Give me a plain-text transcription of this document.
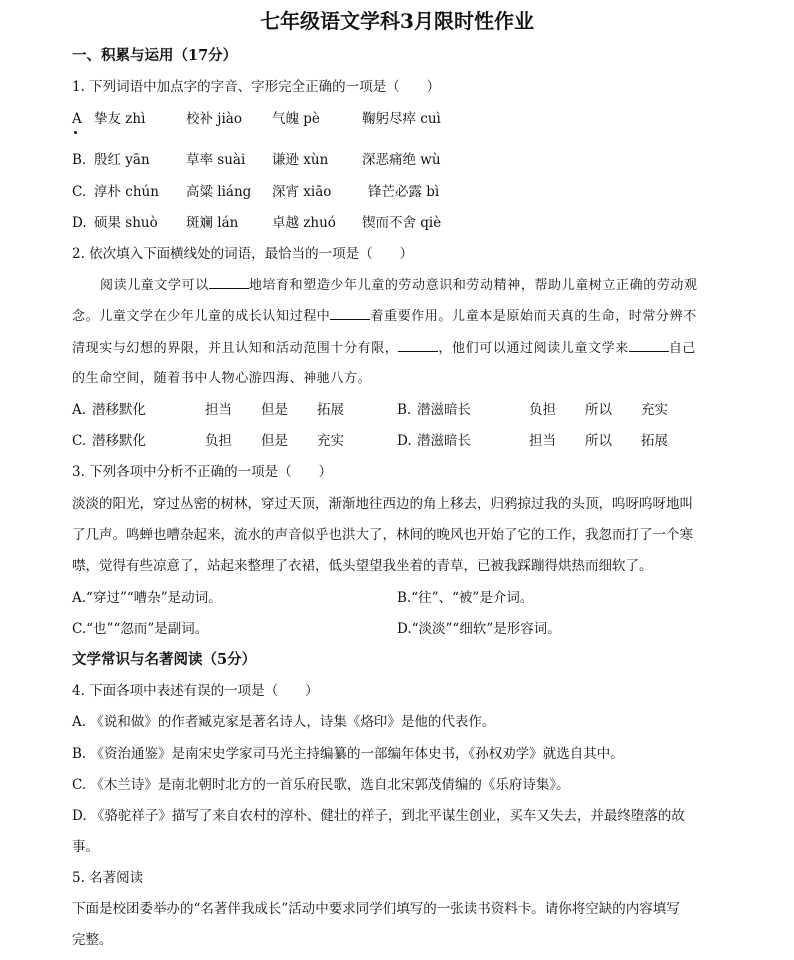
七年级语文学科3月限时性作业
一、积累与运用（17分）
1. 下列词语中加点字的字音、字形完全正确的一项是（　　）
A 挚友 zhì	校补 jiào 气魄 pè	鞠躬尽瘁 cuì
B. 殷红 yān	草率 suài 谦逊 xùn 深恶痛绝 wù
C. 淳朴 chún 高粱 liáng 深宵 xiāo	锋芒必露 bì
D. 硕果 shuò 斑斓 lán 卓越 zhuó 锲而不舍 qiè
2. 依次填入下面横线处的词语，最恰当的一项是（　　）
阅读儿童文学可以	地培育和塑造少年儿童的劳动意识和劳动精神，帮助儿童树立正确的劳动观
念。儿童文学在少年儿童的成长认知过程中	着重要作用。儿童本是原始而天真的生命，时常分辨不
清现实与幻想的界限，并且认知和活动范围十分有限，	，他们可以通过阅读儿童文学来	自己
的生命空间，随着书中人物心游四海、神驰八方。
A. 潜移默化	担当 但是 拓展	B. 潜滋暗长	负担 所以 充实
C. 潜移默化	负担 但是 充实	D. 潜滋暗长	担当 所以 拓展
3. 下列各项中分析不正确的一项是（　　）
淡淡的阳光，穿过丛密的树林，穿过天顶，渐渐地往西边的角上移去，归鸦掠过我的头顶，呜呀呜呀地叫
了几声。鸣蝉也嘈杂起来，流水的声音似乎也洪大了，林间的晚风也开始了它的工作，我忽而打了一个寒
噤，觉得有些凉意了，站起来整理了衣裙，低头望望我坐着的青草，已被我踩蹦得烘热而细软了。
A.“穿过”“嘈杂”是动词。	B.“往”、“被”是介词。
C.“也”“忽而”是副词。	D.“淡淡”“细软”是形容词。
文学常识与名著阅读（5分）
4. 下面各项中表述有误的一项是（　　）
A. 《说和做》的作者臧克家是著名诗人，诗集《烙印》是他的代表作。
B. 《资治通鉴》是南宋史学家司马光主持编纂的一部编年体史书，《孙权劝学》就选自其中。
C. 《木兰诗》是南北朝时北方的一首乐府民歌，选自北宋郭茂倩编的《乐府诗集》。
D. 《骆驼祥子》描写了来自农村的淳朴、健壮的祥子，到北平谋生创业，买车又失去，并最终堕落的故
事。
5. 名著阅读
下面是校团委举办的“名著伴我成长”活动中要求同学们填写的一张读书资料卡。请你将空缺的内容填写
完整。
